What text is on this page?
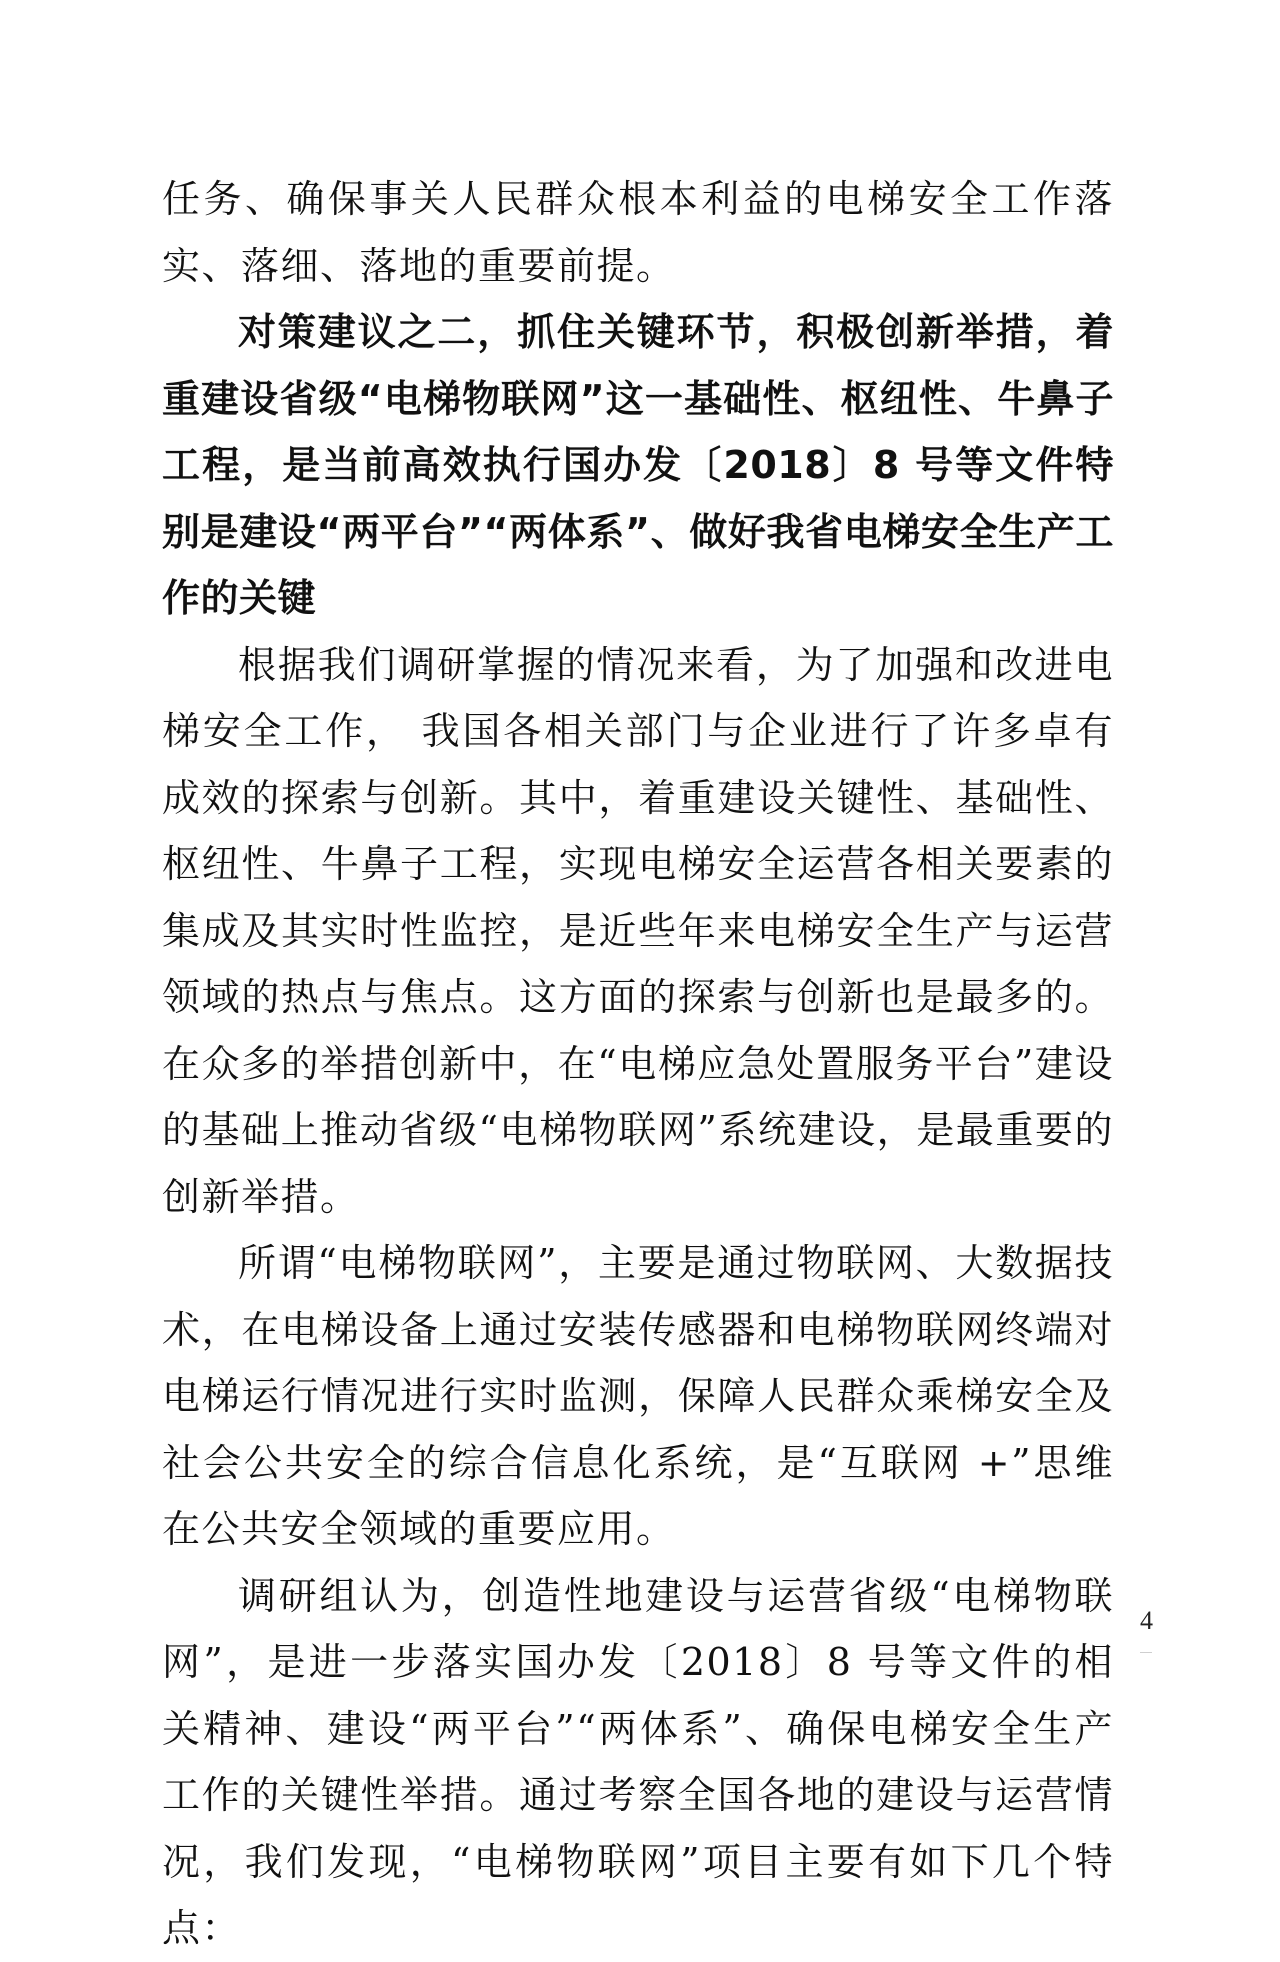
任务、确保事关人民群众根本利益的电梯安全工作落实、落细、落地的重要前提。

对策建议之二，抓住关键环节，积极创新举措，着重建设省级“电梯物联网”这一基础性、枢纽性、牛鼻子工程，是当前高效执行国办发〔2018〕8 号等文件特别是建设“两平台”“两体系”、做好我省电梯安全生产工作的关键

根据我们调研掌握的情况来看，为了加强和改进电梯安全工作， 我国各相关部门与企业进行了许多卓有成效的探索与创新。其中，着重建设关键性、基础性、枢纽性、牛鼻子工程，实现电梯安全运营各相关要素的集成及其实时性监控，是近些年来电梯安全生产与运营领域的热点与焦点。这方面的探索与创新也是最多的。在众多的举措创新中，在“电梯应急处置服务平台”建设的基础上推动省级“电梯物联网”系统建设，是最重要的创新举措。

所谓“电梯物联网”，主要是通过物联网、大数据技术，在电梯设备上通过安装传感器和电梯物联网终端对电梯运行情况进行实时监测，保障人民群众乘梯安全及社会公共安全的综合信息化系统，是“互联网 +”思维在公共安全领域的重要应用。

调研组认为，创造性地建设与运营省级“电梯物联网”，是进一步落实国办发〔2018〕8 号等文件的相关精神、建设“两平台”“两体系”、确保电梯安全生产工作的关键性举措。通过考察全国各地的建设与运营情况，我们发现，“电梯物联网”项目主要有如下几个特点：

4
